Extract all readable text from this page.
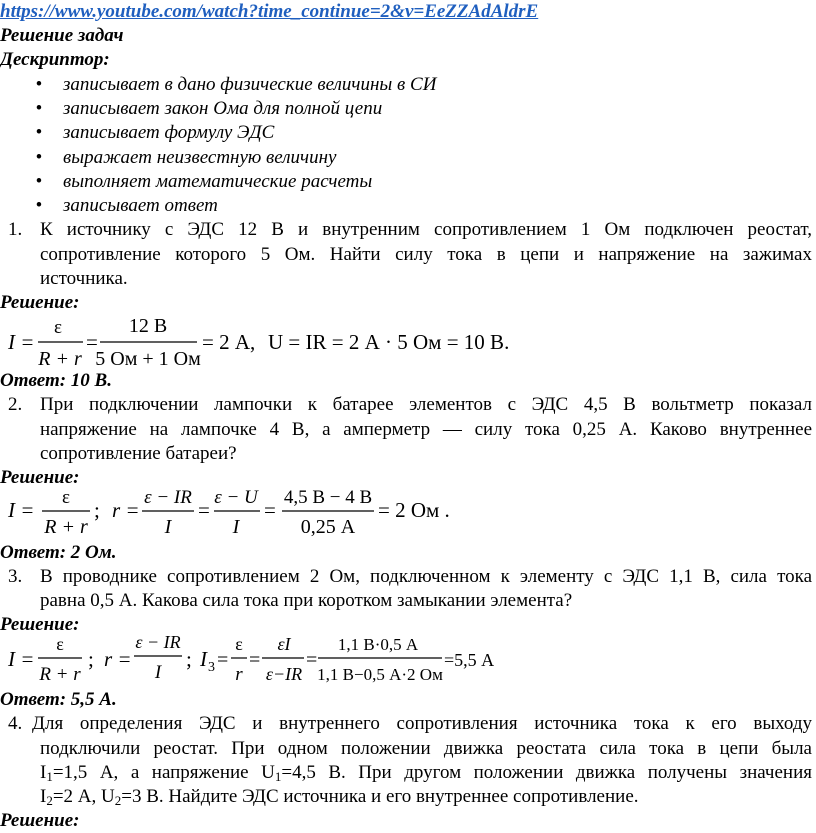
https://www.youtube.com/watch?time_continue=2&v=EeZZAdAldrE
Решение задач
Дескриптор:
• записывает в дано физические величины в СИ
• записывает закон Ома для полной цепи
• записывает формулу ЭДС
• выражает неизвестную величину
• выполняет математические расчеты
• записывает ответ
1. К источнику с ЭДС 12 В и внутренним сопротивлением 1 Ом подключен реостат,
сопротивление которого 5 Ом. Найти силу тока в цепи и напряжение на зажимах
источника.
Решение:
I =
ε
R + r
=
12 В
5 Ом + 1 Ом
= 2 А, U = IR = 2 А · 5 Ом = 10 В.
Ответ: 10 В.
2. При подключении лампочки к батарее элементов с ЭДС 4,5 В вольтметр показал
напряжение на лампочке 4 В, а амперметр — силу тока 0,25 А. Каково внутреннее
сопротивление батареи?
Решение:
I =
ε
R + r
; r =
ε − IR
I
=
ε − U
I
=
4,5 В − 4 В
0,25 А
= 2 Ом .
Ответ: 2 Ом.
3. В проводнике сопротивлением 2 Ом, подключенном к элементу с ЭДС 1,1 В, сила тока
равна 0,5 А. Какова сила тока при коротком замыкании элемента?
Решение:
I =
ε
R + r
; r =
ε − IR
I
; I 3 =
ε
r
=
εI
ε−IR
=
1,1 В·0,5 А
1,1 В−0,5 А·2 Ом
=5,5 А
Ответ: 5,5 А.
4. Для определения ЭДС и внутреннего сопротивления источника тока к его выходу
подключили реостат. При одном положении движка реостата сила тока в цепи была
$I_1=1,5$ А, а напряжение $U_1=4,5$ В. При другом положении движка получены значения
$I_2=2$ А, $U_2=3$ В. Найдите ЭДС источника и его внутреннее сопротивление.
Решение:
